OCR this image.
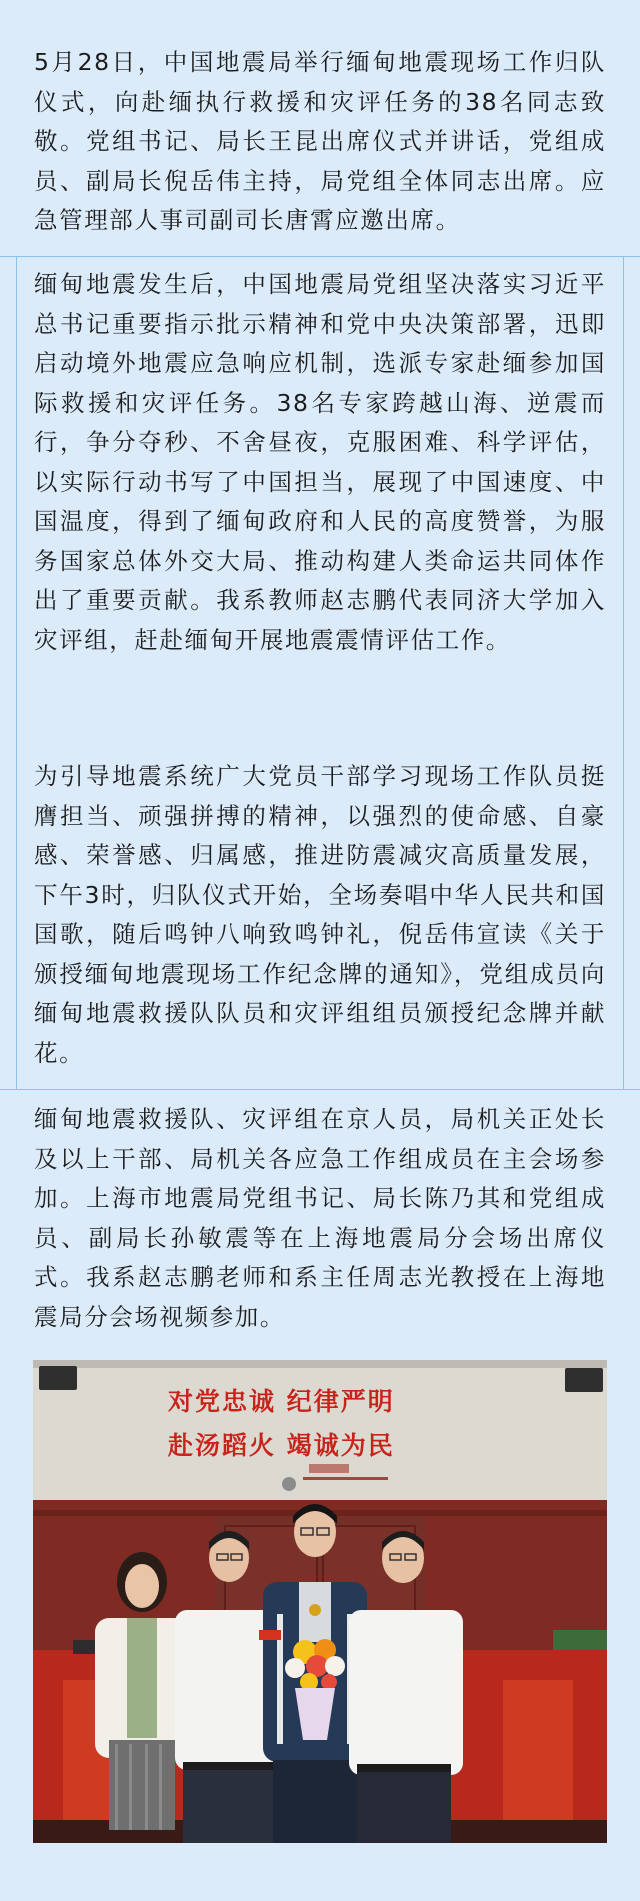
5月28日，中国地震局举行缅甸地震现场工作归队仪式，向赴缅执行救援和灾评任务的38名同志致敬。党组书记、局长王昆出席仪式并讲话，党组成员、副局长倪岳伟主持，局党组全体同志出席。应急管理部人事司副司长唐霄应邀出席。

缅甸地震发生后，中国地震局党组坚决落实习近平总书记重要指示批示精神和党中央决策部署，迅即启动境外地震应急响应机制，选派专家赴缅参加国际救援和灾评任务。38名专家跨越山海、逆震而行，争分夺秒、不舍昼夜，克服困难、科学评估，以实际行动书写了中国担当，展现了中国速度、中国温度，得到了缅甸政府和人民的高度赞誉，为服务国家总体外交大局、推动构建人类命运共同体作出了重要贡献。我系教师赵志鹏代表同济大学加入灾评组，赶赴缅甸开展地震震情评估工作。

为引导地震系统广大党员干部学习现场工作队员挺膺担当、顽强拼搏的精神，以强烈的使命感、自豪感、荣誉感、归属感，推进防震减灾高质量发展，下午3时，归队仪式开始，全场奏唱中华人民共和国国歌，随后鸣钟八响致鸣钟礼，倪岳伟宣读《关于颁授缅甸地震现场工作纪念牌的通知》，党组成员向缅甸地震救援队队员和灾评组组员颁授纪念牌并献花。

缅甸地震救援队、灾评组在京人员，局机关正处长及以上干部、局机关各应急工作组成员在主会场参加。上海市地震局党组书记、局长陈乃其和党组成员、副局长孙敏震等在上海地震局分会场出席仪式。我系赵志鹏老师和系主任周志光教授在上海地震局分会场视频参加。

对党忠诚 纪律严明
赴汤蹈火 竭诚为民
